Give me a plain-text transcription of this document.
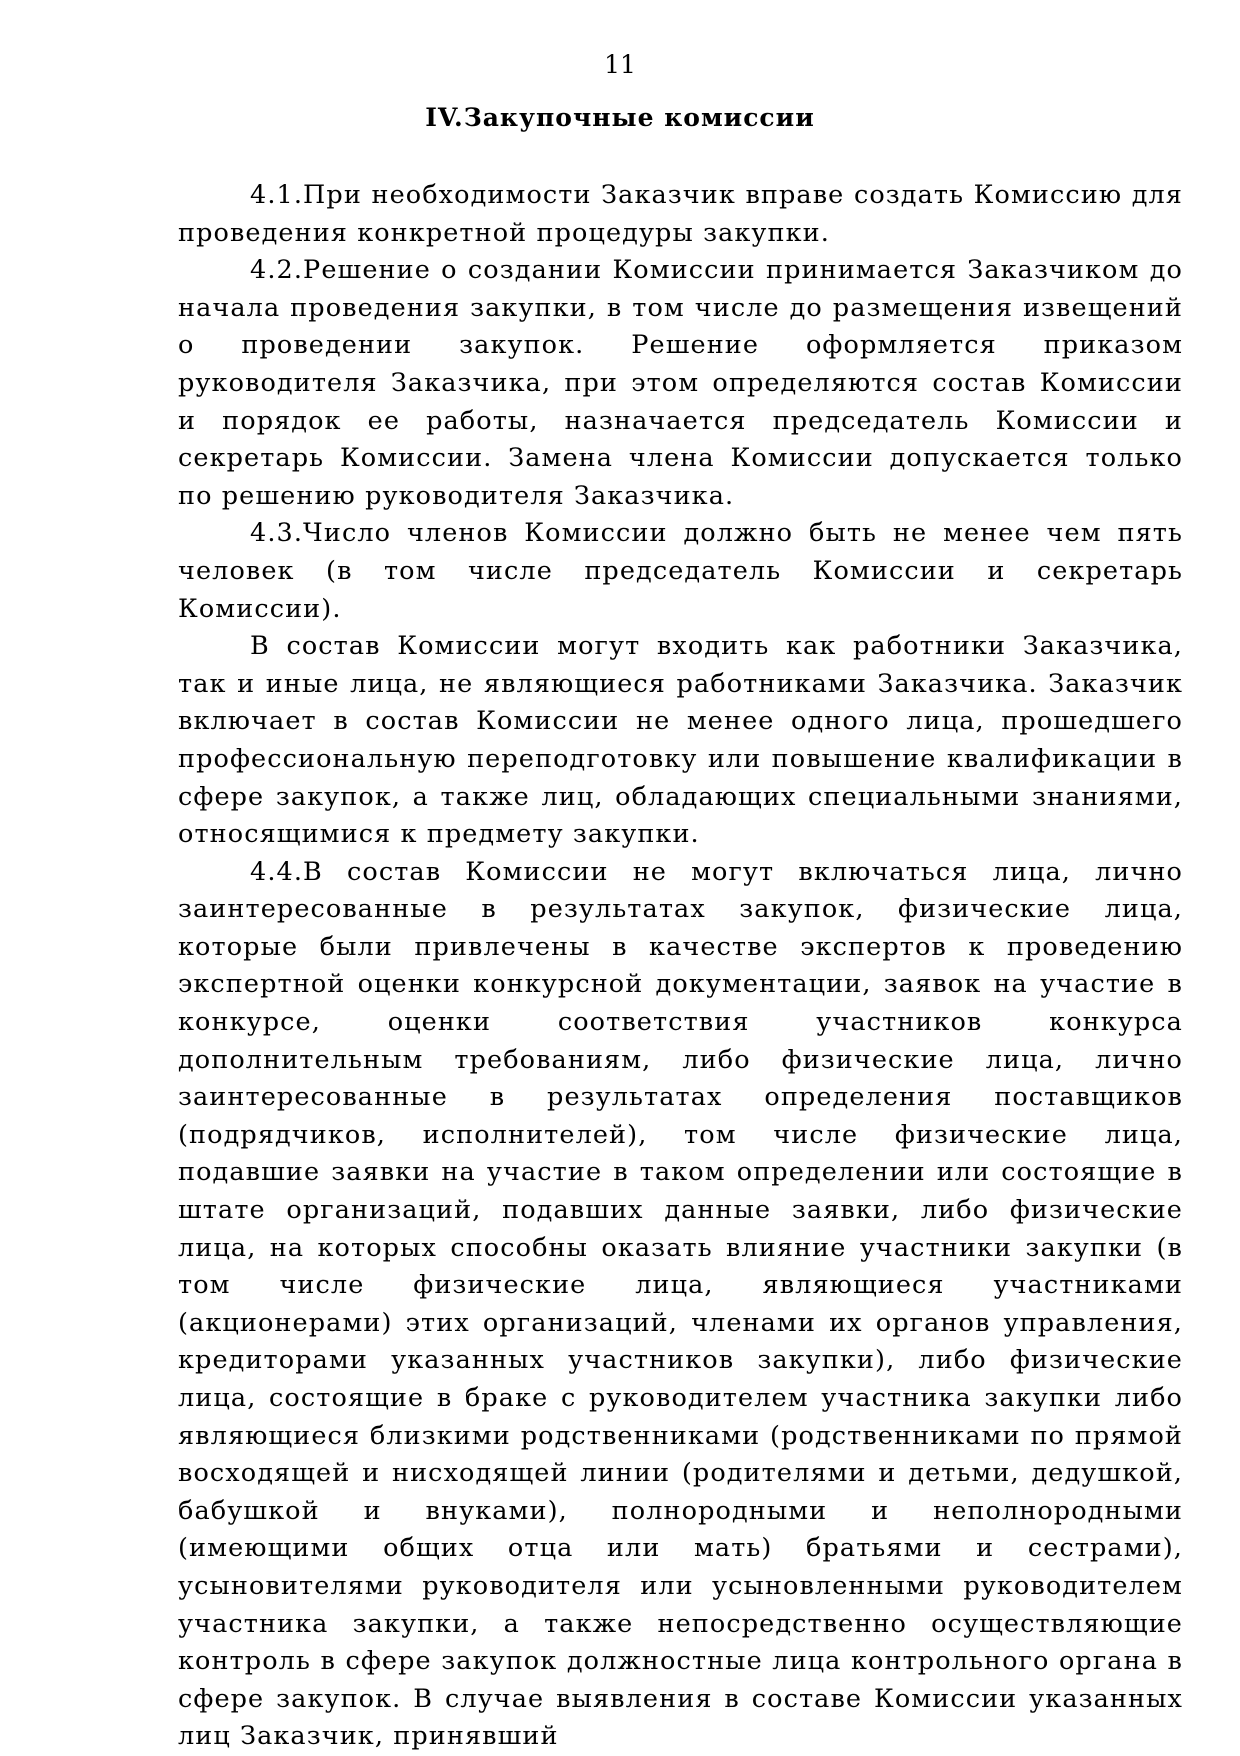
11
IV.Закупочные комиссии

4.1.При необходимости Заказчик вправе создать Комиссию для проведения конкретной процедуры закупки.

4.2.Решение о создании Комиссии принимается Заказчиком до начала проведения закупки, в том числе до размещения извещений о проведении закупок. Решение оформляется приказом руководителя Заказчика, при этом определяются состав Комиссии и порядок ее работы, назначается председатель Комиссии и секретарь Комиссии. Замена члена Комиссии допускается только по решению руководителя Заказчика.

4.3.Число членов Комиссии должно быть не менее чем пять человек (в том числе председатель Комиссии и секретарь Комиссии).

В состав Комиссии могут входить как работники Заказчика, так и иные лица, не являющиеся работниками Заказчика. Заказчик включает в состав Комиссии не менее одного лица, прошедшего профессиональную переподготовку или повышение квалификации в сфере закупок, а также лиц, обладающих специальными знаниями, относящимися к предмету закупки.

4.4.В состав Комиссии не могут включаться лица, лично заинтересованные в результатах закупок, физические лица, которые были привлечены в качестве экспертов к проведению экспертной оценки конкурсной документации, заявок на участие в конкурсе, оценки соответствия участников конкурса дополнительным требованиям, либо физические лица, лично заинтересованные в результатах определения поставщиков (подрядчиков, исполнителей), том числе физические лица, подавшие заявки на участие в таком определении или состоящие в штате организаций, подавших данные заявки, либо физические лица, на которых способны оказать влияние участники закупки (в том числе физические лица, являющиеся участниками (акционерами) этих организаций, членами их органов управления, кредиторами указанных участников закупки), либо физические лица, состоящие в браке с руководителем участника закупки либо являющиеся близкими родственниками (родственниками по прямой восходящей и нисходящей линии (родителями и детьми, дедушкой, бабушкой и внуками), полнородными и неполнородными (имеющими общих отца или мать) братьями и сестрами), усыновителями руководителя или усыновленными руководителем участника закупки, а также непосредственно осуществляющие контроль в сфере закупок должностные лица контрольного органа в сфере закупок. В случае выявления в составе Комиссии указанных лиц Заказчик, принявший
